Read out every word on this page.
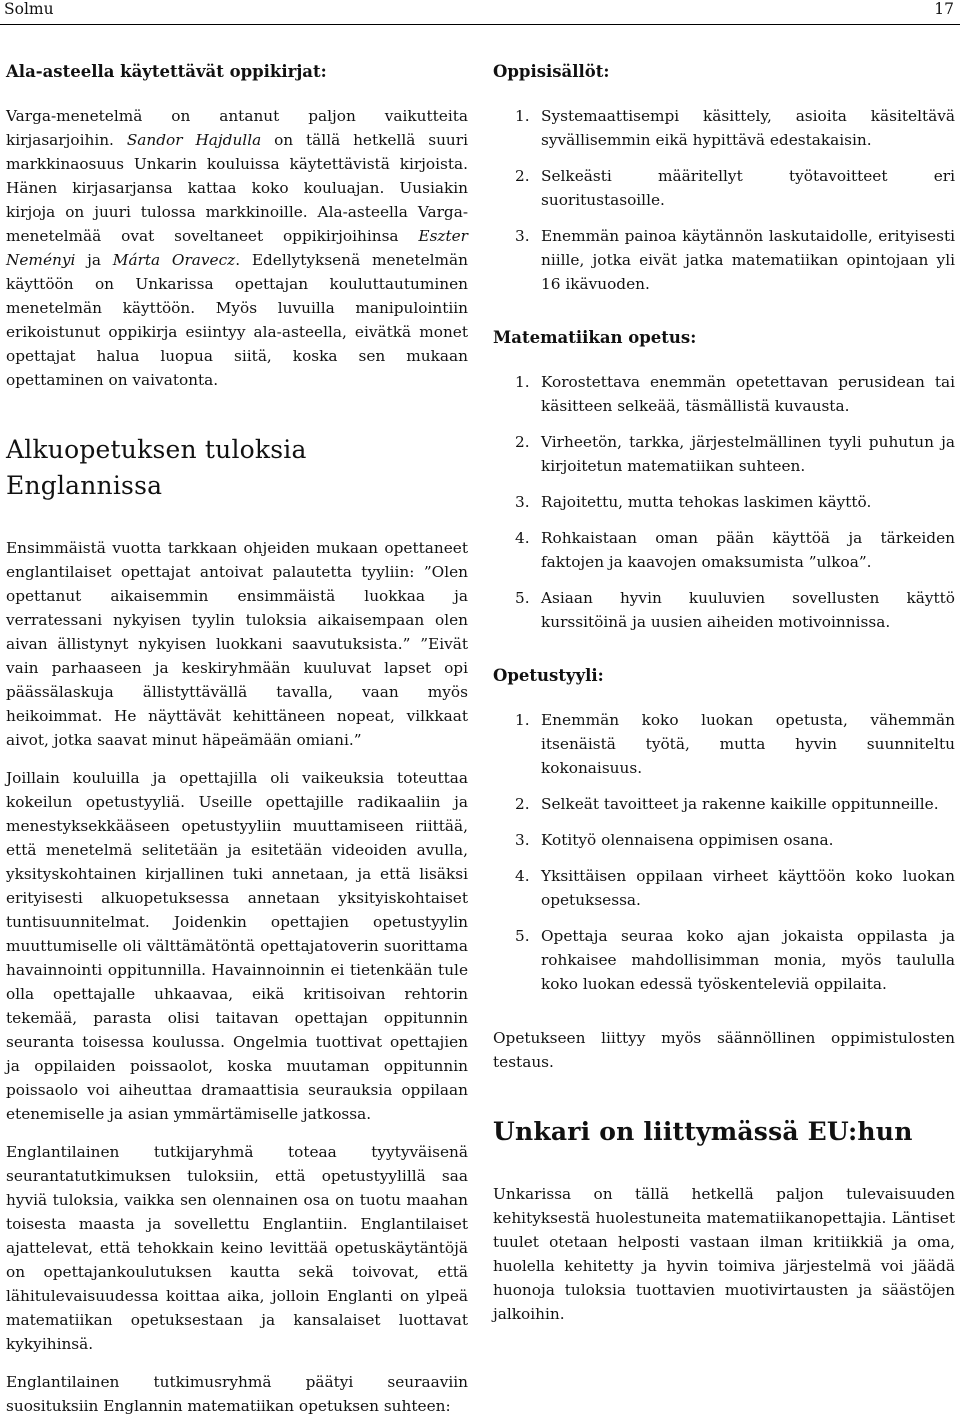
Solmu	17
Ala-asteella käytettävät oppikirjat:

Varga-menetelmä on antanut paljon vaikutteita kirjasarjoihin. Sandor Hajdulla on tällä hetkellä suuri markkinaosuus Unkarin kouluissa käytettävistä kirjoista. Hänen kirjasarjansa kattaa koko kouluajan. Uusiakin kirjoja on juuri tulossa markkinoille. Ala-asteella Varga-menetelmää ovat soveltaneet oppikirjoihinsa Eszter Neményi ja Márta Oravecz. Edellytyksenä menetelmän käyttöön on Unkarissa opettajan kouluttautuminen menetelmän käyttöön. Myös luvuilla manipulointiin erikoistunut oppikirja esiintyy ala-asteella, eivätkä monet opettajat halua luopua siitä, koska sen mukaan opettaminen on vaivatonta.

Alkuopetuksen tuloksia Englannissa

Ensimmäistä vuotta tarkkaan ohjeiden mukaan opettaneet englantilaiset opettajat antoivat palautetta tyyliin: ”Olen opettanut aikaisemmin ensimmäistä luokkaa ja verratessani nykyisen tyylin tuloksia aikaisempaan olen aivan ällistynyt nykyisen luokkani saavutuksista.” ”Eivät vain parhaaseen ja keskiryhmään kuuluvat lapset opi päässälaskuja ällistyttävällä tavalla, vaan myös heikoimmat. He näyttävät kehittäneen nopeat, vilkkaat aivot, jotka saavat minut häpeämään omiani.”

Joillain kouluilla ja opettajilla oli vaikeuksia toteuttaa kokeilun opetustyyliä. Useille opettajille radikaaliin ja menestyksekkääseen opetustyyliin muuttamiseen riittää, että menetelmä selitetään ja esitetään videoiden avulla, yksityskohtainen kirjallinen tuki annetaan, ja että lisäksi erityisesti alkuopetuksessa annetaan yksityiskohtaiset tuntisuunnitelmat. Joidenkin opettajien opetustyylin muuttumiselle oli välttämätöntä opettajatoverin suorittama havainnointi oppitunnilla. Havainnoinnin ei tietenkään tule olla opettajalle uhkaavaa, eikä kritisoivan rehtorin tekemää, parasta olisi taitavan opettajan oppitunnin seuranta toisessa koulussa. Ongelmia tuottivat opettajien ja oppilaiden poissaolot, koska muutaman oppitunnin poissaolo voi aiheuttaa dramaattisia seurauksia oppilaan etenemiselle ja asian ymmärtämiselle jatkossa.

Englantilainen tutkijaryhmä toteaa tyytyväisenä seurantatutkimuksen tuloksiin, että opetustyylillä saa hyviä tuloksia, vaikka sen olennainen osa on tuotu maahan toisesta maasta ja sovellettu Englantiin. Englantilaiset ajattelevat, että tehokkain keino levittää opetuskäytäntöjä on opettajankoulutuksen kautta sekä toivovat, että lähitulevaisuudessa koittaa aika, jolloin Englanti on ylpeä matematiikan opetuksestaan ja kansalaiset luottavat kykyihinsä.

Englantilainen tutkimusryhmä päätyi seuraaviin suosituksiin Englannin matematiikan opetuksen suhteen:

Oppisisällöt:
1. Systemaattisempi käsittely, asioita käsiteltävä syvällisemmin eikä hypittävä edestakaisin.
2. Selkeästi määritellyt työtavoitteet eri suoritustasoille.
3. Enemmän painoa käytännön laskutaidolle, erityisesti niille, jotka eivät jatka matematiikan opintojaan yli 16 ikävuoden.
Matematiikan opetus:
1. Korostettava enemmän opetettavan perusidean tai käsitteen selkeää, täsmällistä kuvausta.
2. Virheetön, tarkka, järjestelmällinen tyyli puhutun ja kirjoitetun matematiikan suhteen.
3. Rajoitettu, mutta tehokas laskimen käyttö.
4. Rohkaistaan oman pään käyttöä ja tärkeiden faktojen ja kaavojen omaksumista ”ulkoa”.
5. Asiaan hyvin kuuluvien sovellusten käyttö kurssitöinä ja uusien aiheiden motivoinnissa.
Opetustyyli:
1. Enemmän koko luokan opetusta, vähemmän itsenäistä työtä, mutta hyvin suunniteltu kokonaisuus.
2. Selkeät tavoitteet ja rakenne kaikille oppitunneille.
3. Kotityö olennaisena oppimisen osana.
4. Yksittäisen oppilaan virheet käyttöön koko luokan opetuksessa.
5. Opettaja seuraa koko ajan jokaista oppilasta ja rohkaisee mahdollisimman monia, myös taululla koko luokan edessä työskenteleviä oppilaita.

Opetukseen liittyy myös säännöllinen oppimistulosten testaus.

Unkari on liittymässä EU:hun

Unkarissa on tällä hetkellä paljon tulevaisuuden kehityksestä huolestuneita matematiikanopettajia. Läntiset tuulet otetaan helposti vastaan ilman kritiikkiä ja oma, huolella kehitetty ja hyvin toimiva järjestelmä voi jäädä huonoja tuloksia tuottavien muotivirtausten ja säästöjen jalkoihin.
